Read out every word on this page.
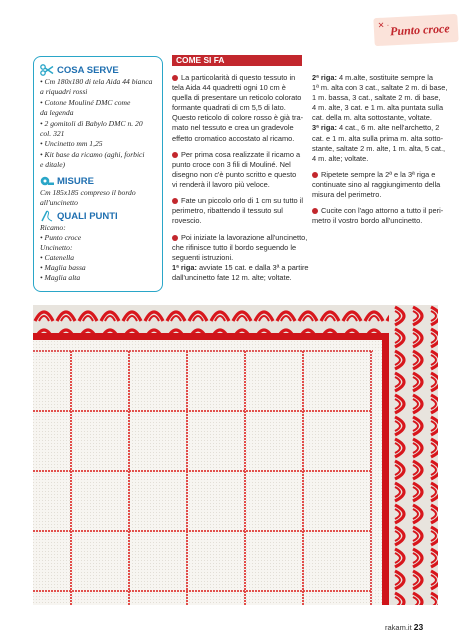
✕ · Punto croce
COSA SERVE
• Cm 180x180 di tela Aida 44 bianca
a riquadri rossi
• Cotone Mouliné DMC come
da legenda
• 2 gomitoli di Babylo DMC n. 20
col. 321
• Uncinetto mm 1,25
• Kit base da ricamo (aghi, forbici
e ditale)
MISURE
Cm 185x185 compreso il bordo
all'uncinetto
QUALI PUNTI
Ricamo:
• Punto croce
Uncinetto:
• Catenella
• Maglia bassa
• Maglia alta
COME SI FA
La particolarità di questo tessuto in
tela Aida 44 quadretti ogni 10 cm è
quella di presentare un reticolo colorato
formante quadrati di cm 5,5 di lato.
Questo reticolo di colore rosso è già tra-
mato nel tessuto e crea un gradevole
effetto cromatico accostato al ricamo.
Per prima cosa realizzate il ricamo a
punto croce con 3 fili di Mouliné. Nel
disegno non c'è punto scritto e questo
vi renderà il lavoro più veloce.
Fate un piccolo orlo di 1 cm su tutto il
perimetro, ribattendo il tessuto sul
rovescio.
Poi iniziate la lavorazione all'uncinetto,
che rifinisce tutto il bordo seguendo le
seguenti istruzioni.
1ª riga: avviate 15 cat. e dalla 3ª a partire
dall'uncinetto fate 12 m. alte; voltate.
2ª riga: 4 m.alte, sostituite sempre la
1ª m. alta con 3 cat., saltate 2 m. di base,
1 m. bassa, 3 cat., saltate 2 m. di base,
4 m. alte, 3 cat. e 1 m. alta puntata sulla
cat. della m. alta sottostante, voltate.
3ª riga: 4 cat., 6 m. alte nell'archetto, 2
cat. e 1 m. alta sulla prima m. alta sotto-
stante, saltate 2 m. alte, 1 m. alta, 5 cat.,
4 m. alte; voltate.
Ripetete sempre la 2ª e la 3ª riga e
continuate sino al raggiungimento della
misura del perimetro.
Cucite con l'ago attorno a tutto il peri-
metro il vostro bordo all'uncinetto.
rakam.it 23
